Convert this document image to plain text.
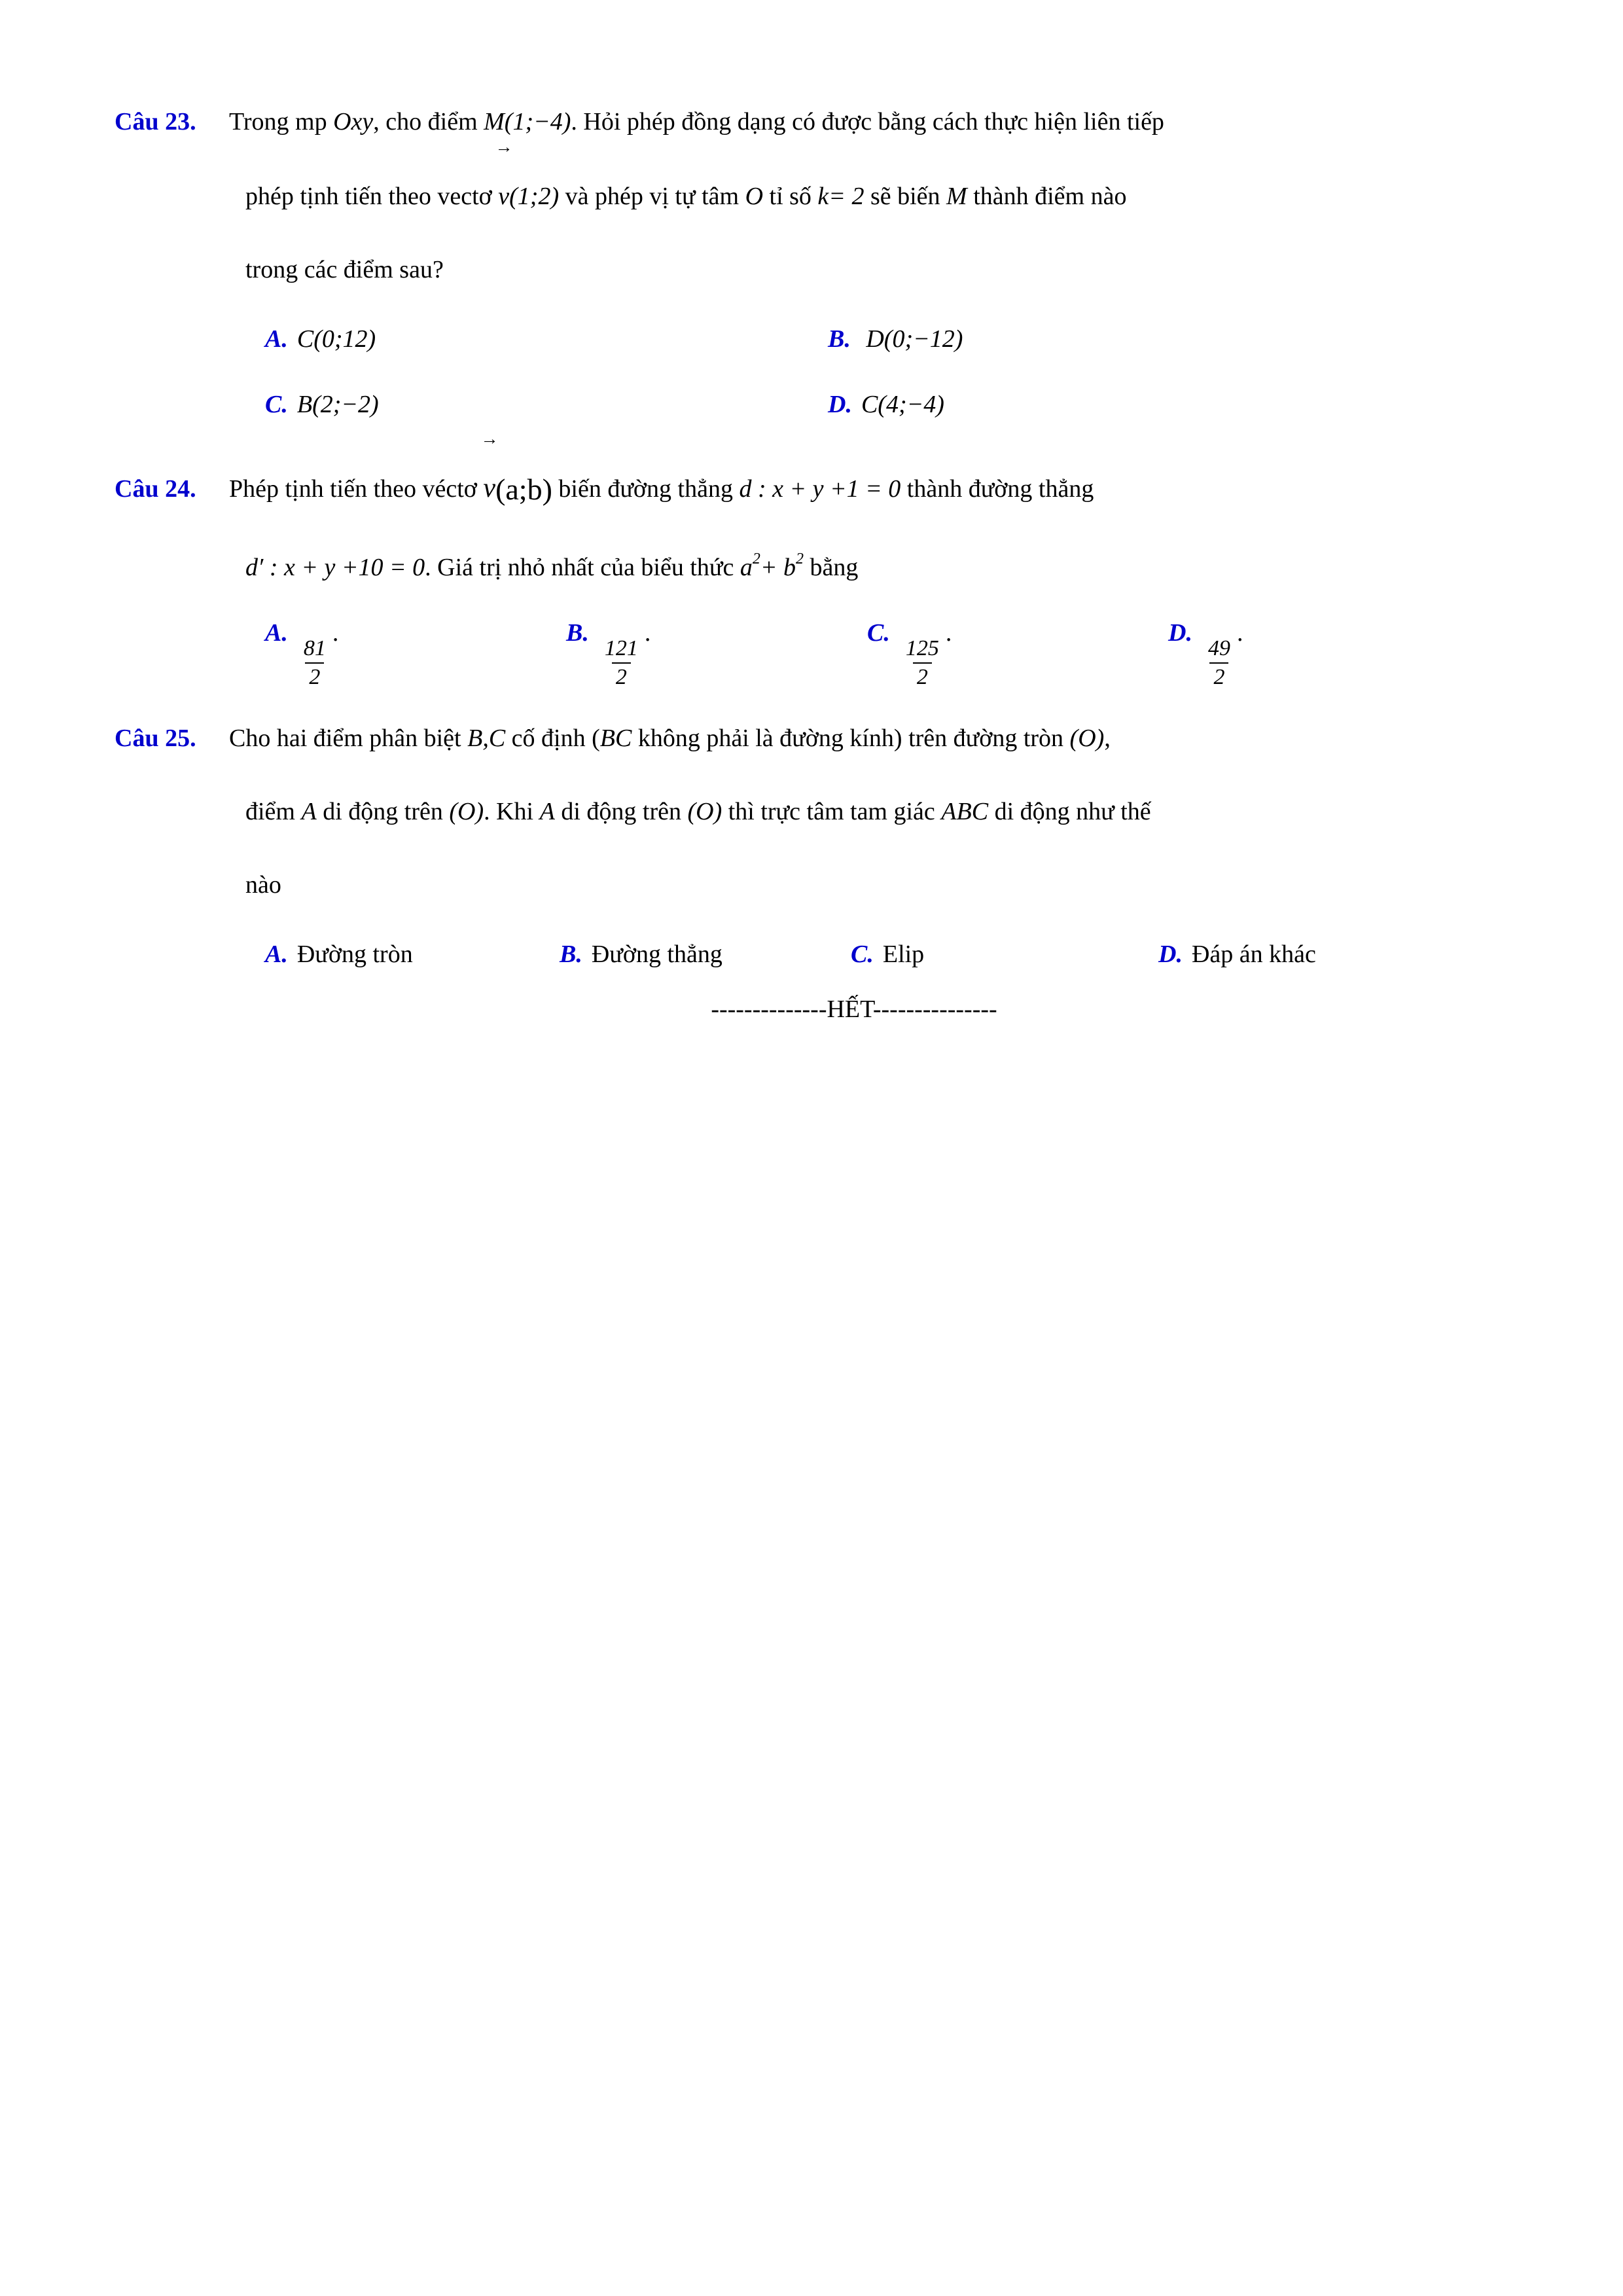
Câu 23.	Trong mp Oxy, cho điểm M(1;−4). Hỏi phép đồng dạng có được bằng cách thực hiện liên tiếp
phép tịnh tiến theo vectơ → v(1;2) và phép vị tự tâm O tỉ số k= 2 sẽ biến M thành điểm nào
trong các điểm sau?
A. C(0;12)	B. D(0;−12)
C. B(2;−2)	D. C(4;−4)
Câu 24.	Phép tịnh tiến theo véctơ → v(a;b) biến đường thẳng d : x + y +1 = 0 thành đường thẳng
d′ : x + y +10 = 0. Giá trị nhỏ nhất của biểu thức $a^2+ b^2$ bằng
A.
$\frac{81}{2}$
.	B.
$\frac{121}{2}$
.	C.
$\frac{125}{2}$
.	D.
$\frac{49}{2}$
.
Câu 25.	Cho hai điểm phân biệt B,C cố định (BC không phải là đường kính) trên đường tròn (O),
điểm A di động trên (O). Khi A di động trên (O) thì trực tâm tam giác ABC di động như thế
nào
A. Đường tròn	B. Đường thẳng	C. Elip	D. Đáp án khác
--------------HẾT---------------
